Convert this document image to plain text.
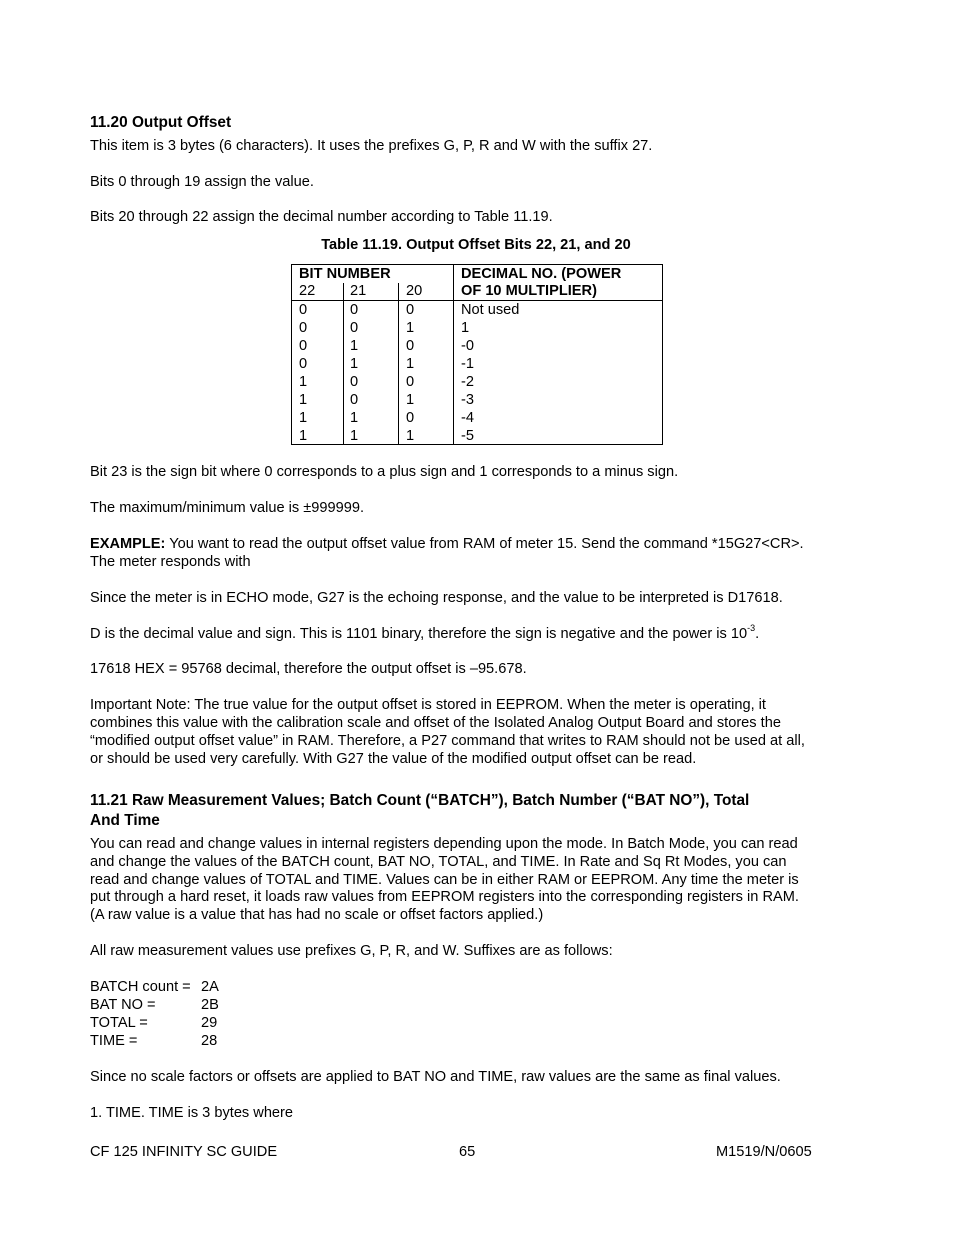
11.20 Output Offset
This item is 3 bytes (6 characters). It uses the prefixes G, P, R and W with the suffix 27.
Bits 0 through 19 assign the value.
Bits 20 through 22 assign the decimal number according to Table 11.19.
Table 11.19. Output Offset Bits 22, 21, and 20
BIT NUMBER
22 21	20
DECIMAL NO. (POWER
OF 10 MULTIPLIER)
0	0	0	Not used
0	0	1	1
0	1	0	-0
0	1	1	-1
1	0	0	-2
1	0	1	-3
1	1	0	-4
1	1	1	-5
Bit 23 is the sign bit where 0 corresponds to a plus sign and 1 corresponds to a minus sign.
The maximum/minimum value is ±999999.
EXAMPLE: You want to read the output offset value from RAM of meter 15. Send the command *15G27<CR>.
The meter responds with
Since the meter is in ECHO mode, G27 is the echoing response, and the value to be interpreted is D17618.
D is the decimal value and sign. This is 1101 binary, therefore the sign is negative and the power is $10^{-3}$.
17618 HEX = 95768 decimal, therefore the output offset is –95.678.
Important Note: The true value for the output offset is stored in EEPROM. When the meter is operating, it
combines this value with the calibration scale and offset of the Isolated Analog Output Board and stores the
“modified output offset value” in RAM. Therefore, a P27 command that writes to RAM should not be used at all,
or should be used very carefully. With G27 the value of the modified output offset can be read.
11.21 Raw Measurement Values; Batch Count (“BATCH”), Batch Number (“BAT NO”), Total
And Time
You can read and change values in internal registers depending upon the mode. In Batch Mode, you can read
and change the values of the BATCH count, BAT NO, TOTAL, and TIME. In Rate and Sq Rt Modes, you can
read and change values of TOTAL and TIME. Values can be in either RAM or EEPROM. Any time the meter is
put through a hard reset, it loads raw values from EEPROM registers into the corresponding registers in RAM.
(A raw value is a value that has had no scale or offset factors applied.)
All raw measurement values use prefixes G, P, R, and W. Suffixes are as follows:
BATCH count =2A
BAT NO =	2B
TOTAL =	29
TIME =	28
Since no scale factors or offsets are applied to BAT NO and TIME, raw values are the same as final values.
1. TIME. TIME is 3 bytes where
CF 125 INFINITY SC GUIDE	65	M1519/N/0605
